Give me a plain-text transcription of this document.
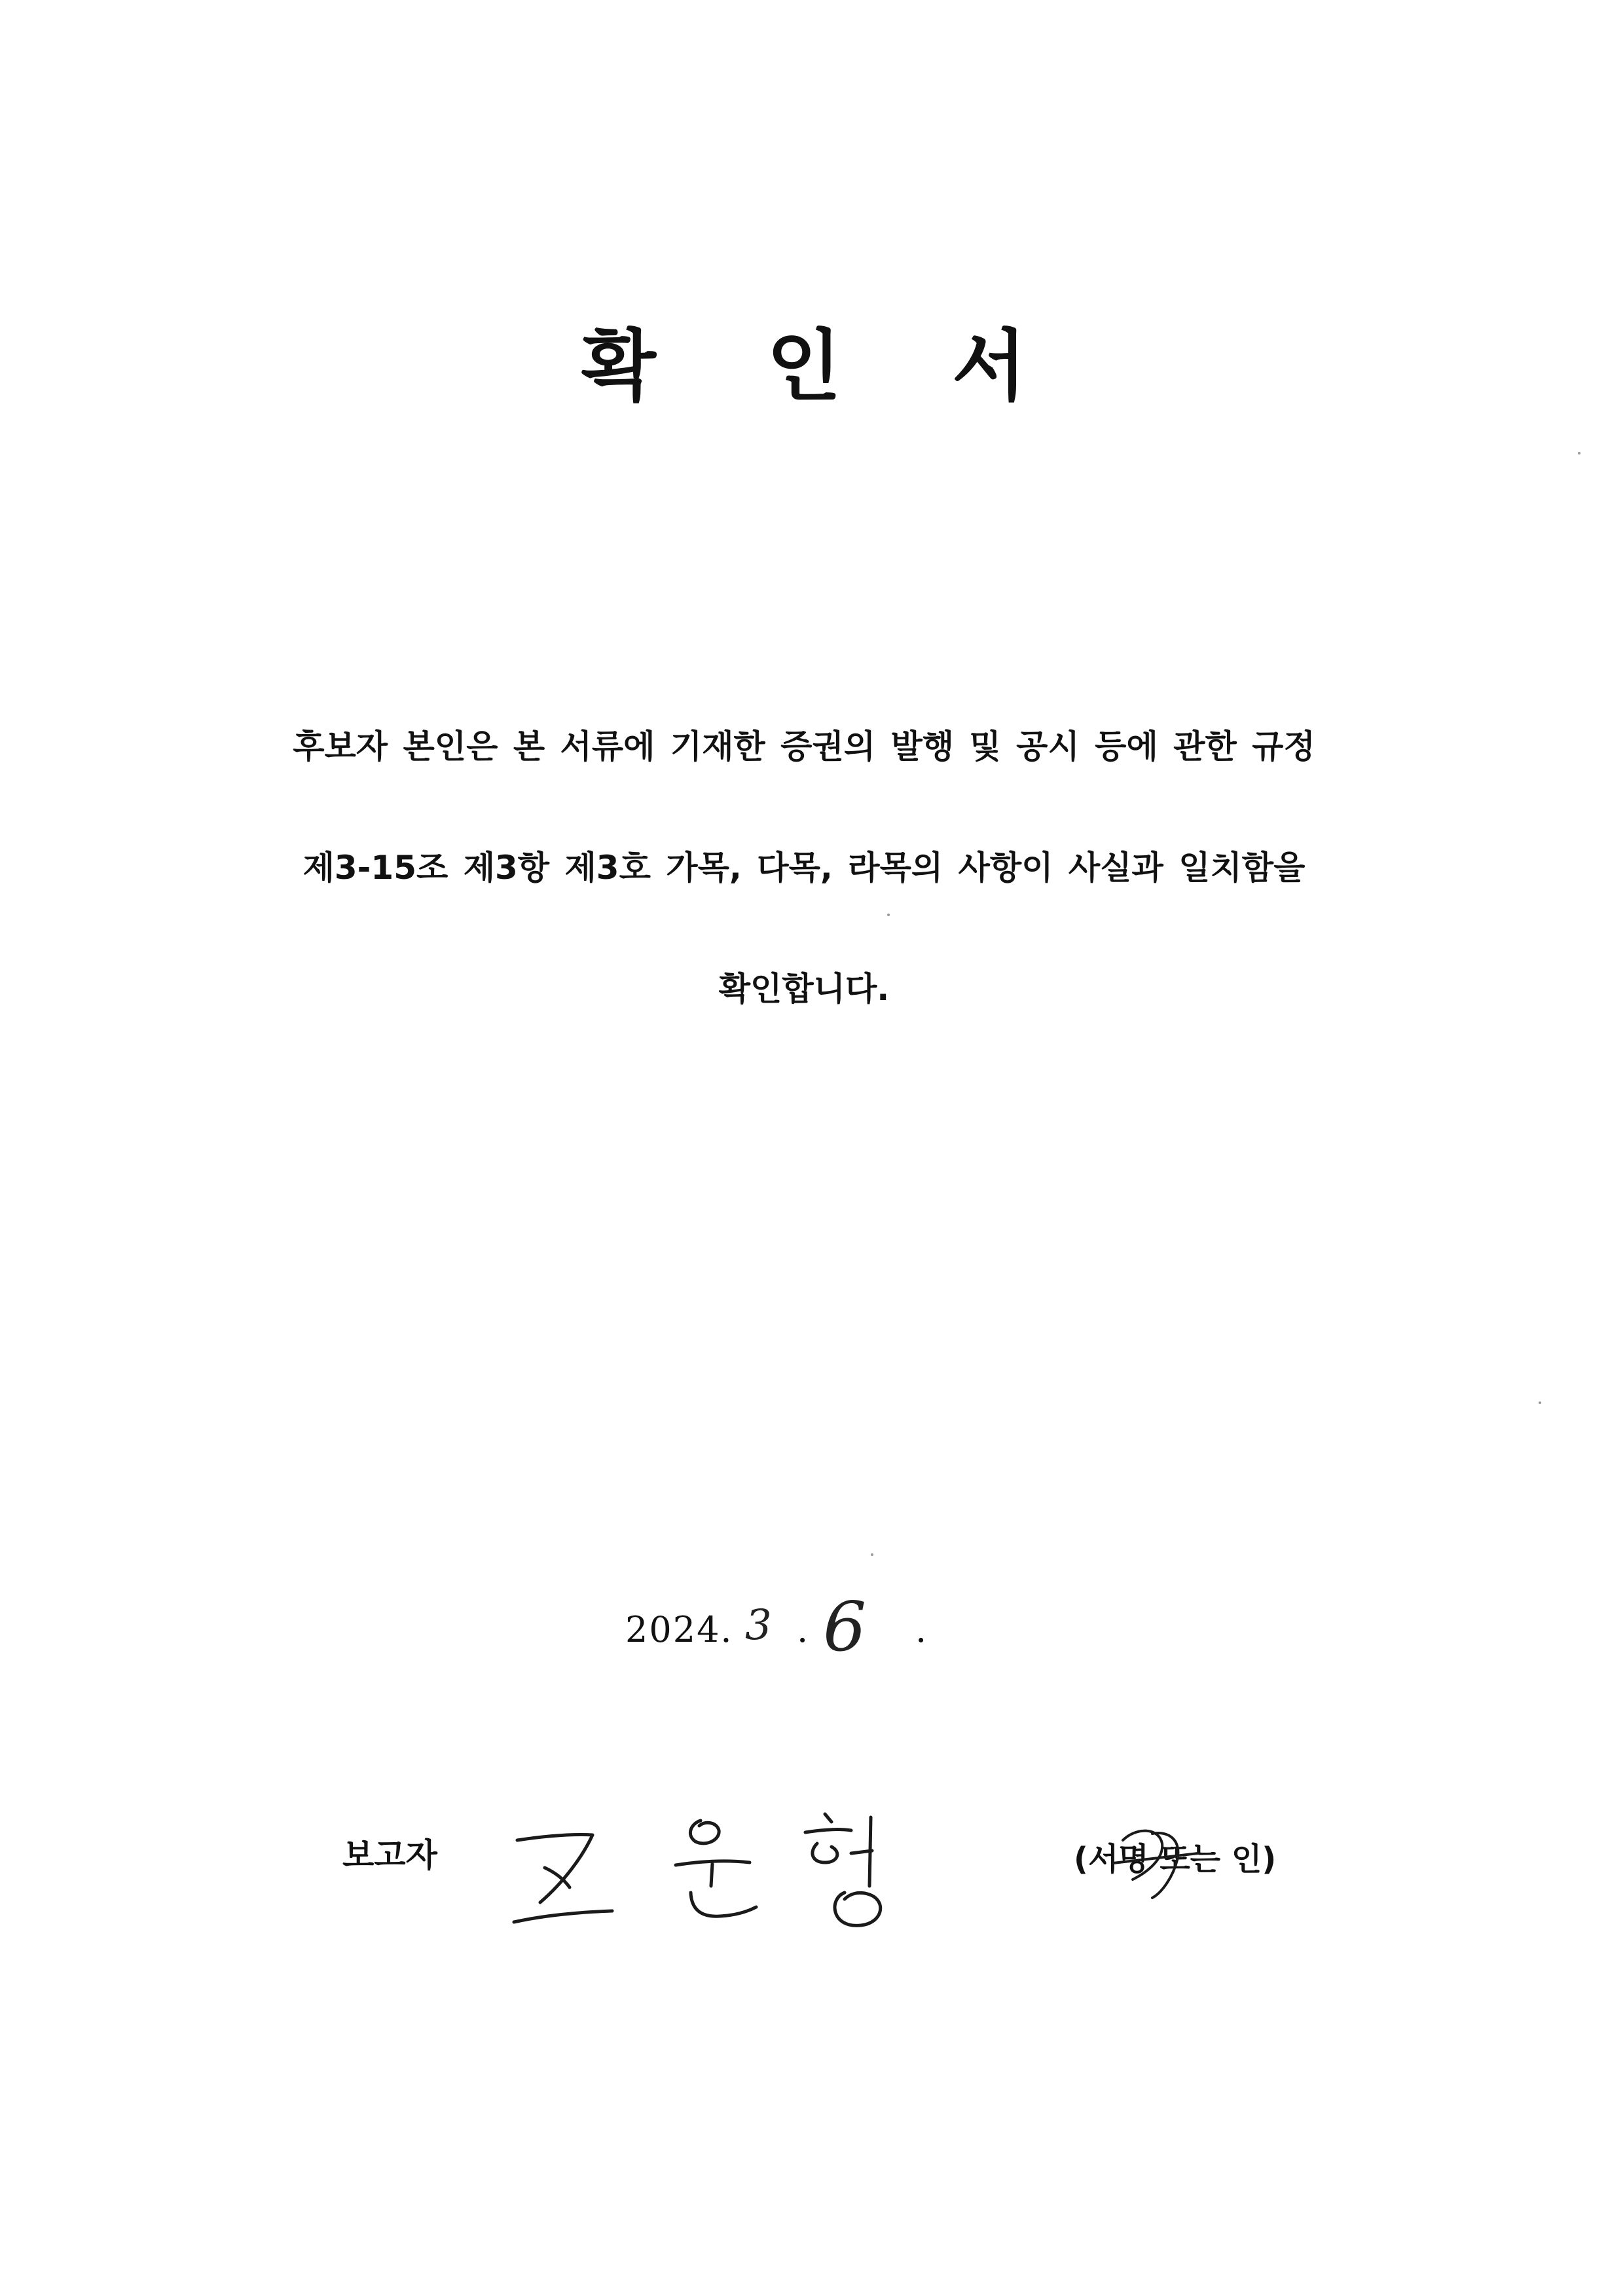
확 인 서
후보자 본인은 본 서류에 기재한 증권의 발행 및 공시 등에 관한 규정
제3-15조 제3항 제3호 가목, 다목, 라목의 사항이 사실과 일치함을
확인합니다.
2024. 3 . 6 .
보고자	(서명 또는 인)
